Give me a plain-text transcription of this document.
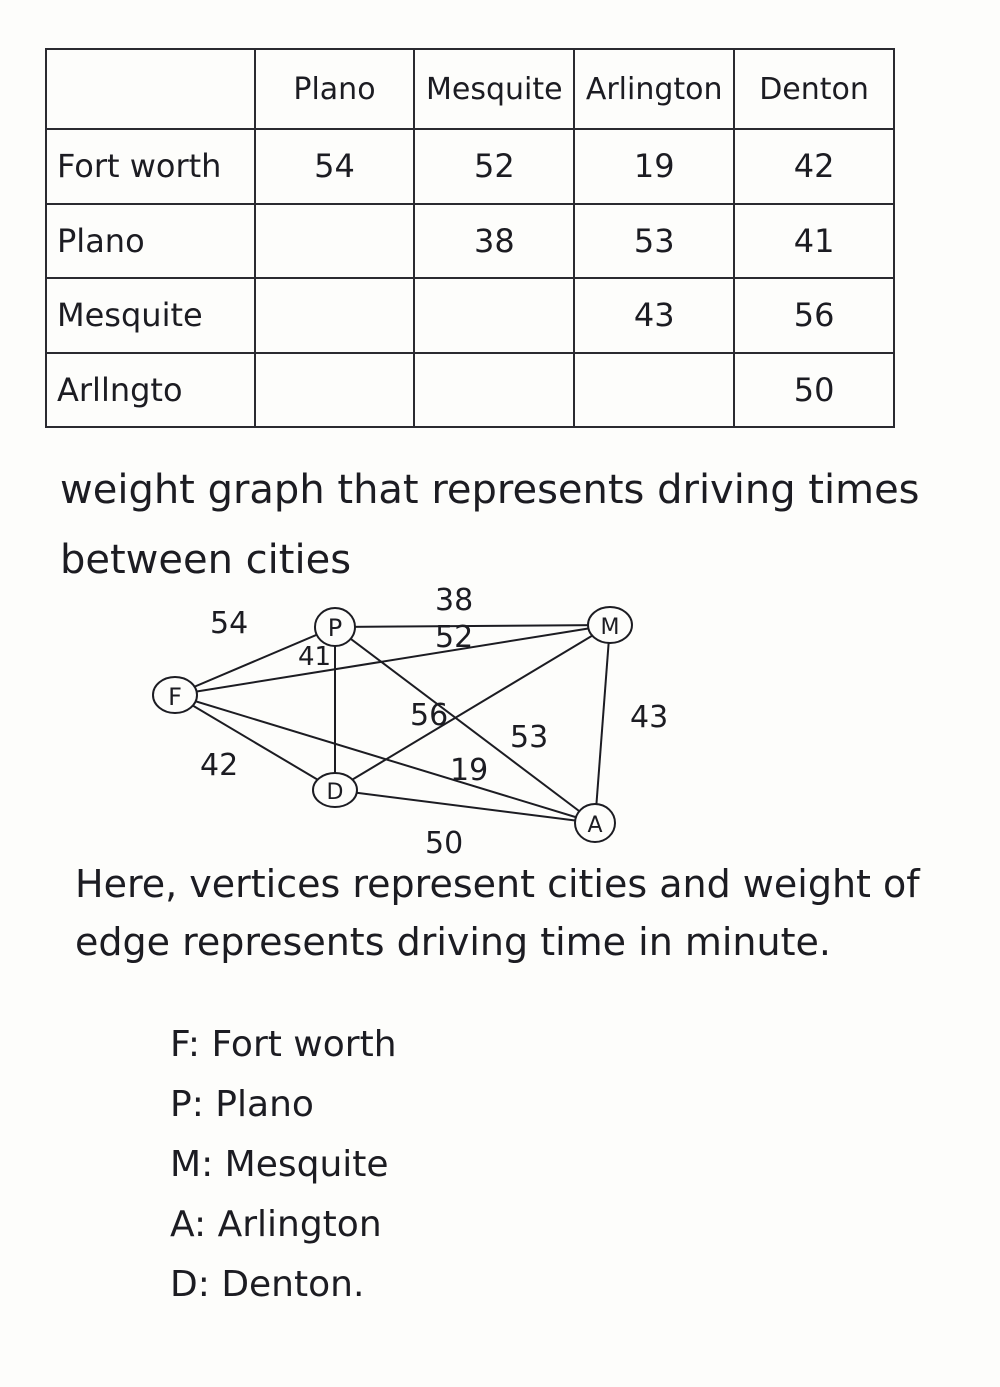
	Plano	Mesquite	Arlington	Denton
Fort worth	54	52	19	42
Plano		38	53	41
Mesquite			43	56
Arllngto				50
weight graph that represents driving times between cities
54
41
38
52
43
56
53
42	19
50
F
P	M
D
A
Here, vertices represent cities and weight of edge represents driving time in minute.
F: Fort worth
P: Plano
M: Mesquite
A: Arlington
D: Denton.
